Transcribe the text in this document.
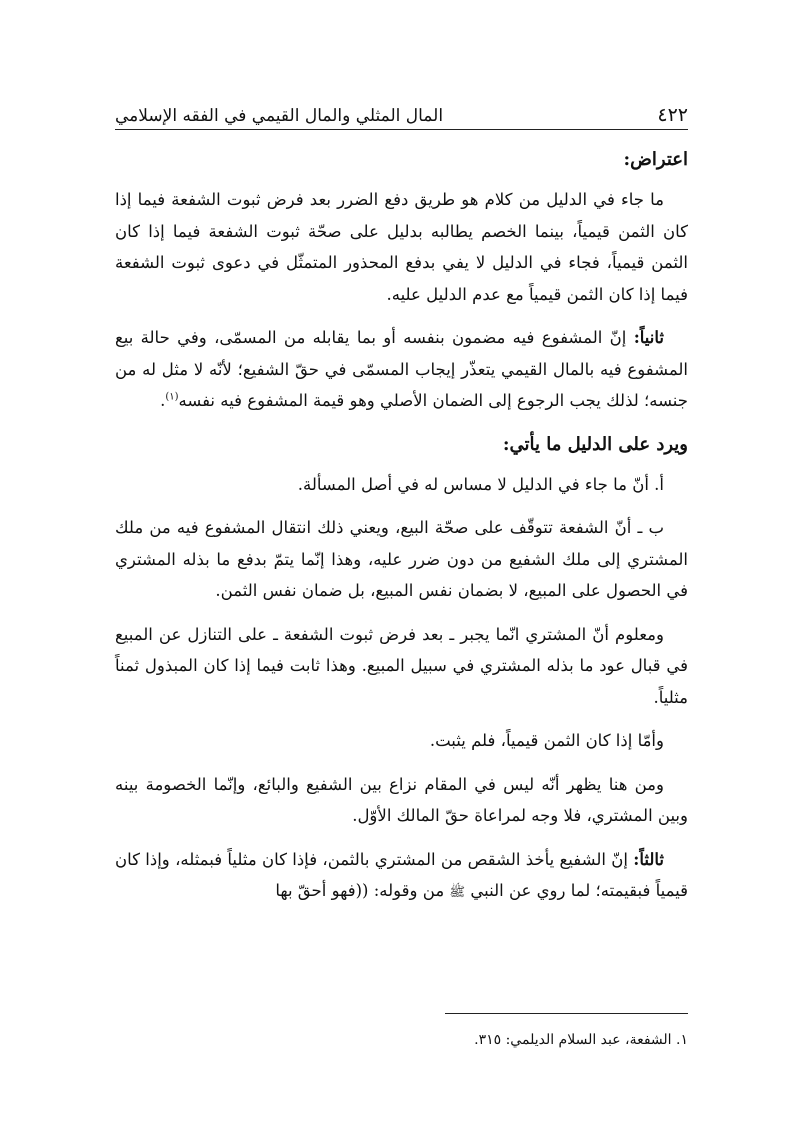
٤٢٢
المال المثلي والمال القيمي في الفقه الإسلامي
اعتراض:

ما جاء في الدليل من كلام هو طريق دفع الضرر بعد فرض ثبوت الشفعة فيما إذا كان الثمن قيمياً، بينما الخصم يطالبه بدليل على صحّة ثبوت الشفعة فيما إذا كان الثمن قيمياً، فجاء في الدليل لا يفي بدفع المحذور المتمثّل في دعوى ثبوت الشفعة فيما إذا كان الثمن قيمياً مع عدم الدليل عليه.

ثانياً: إنّ المشفوع فيه مضمون بنفسه أو بما يقابله من المسمّى، وفي حالة بيع المشفوع فيه بالمال القيمي يتعذّر إيجاب المسمّى في حقّ الشفيع؛ لأنّه لا مثل له من جنسه؛ لذلك يجب الرجوع إلى الضمان الأصلي وهو قيمة المشفوع فيه نفسه$^{(١)}$.

ويرد على الدليل ما يأتي:

أ. أنّ ما جاء في الدليل لا مساس له في أصل المسألة.

ب ـ أنّ الشفعة تتوقّف على صحّة البيع، ويعني ذلك انتقال المشفوع فيه من ملك المشتري إلى ملك الشفيع من دون ضرر عليه، وهذا إنّما يتمّ بدفع ما بذله المشتري في الحصول على المبيع، لا بضمان نفس المبيع، بل ضمان نفس الثمن.

ومعلوم أنّ المشتري انّما يجبر ـ بعد فرض ثبوت الشفعة ـ على التنازل عن المبيع في قبال عود ما بذله المشتري في سبيل المبيع. وهذا ثابت فيما إذا كان المبذول ثمناً مثلياً.

وأمّا إذا كان الثمن قيمياً، فلم يثبت.

ومن هنا يظهر أنّه ليس في المقام نزاع بين الشفيع والبائع، وإنّما الخصومة بينه وبين المشتري، فلا وجه لمراعاة حقّ المالك الأوّل.

ثالثاً: إنّ الشفيع يأخذ الشقص من المشتري بالثمن، فإذا كان مثلياً فبمثله، وإذا كان قيمياً فبقيمته؛ لما روي عن النبي ﷺ من وقوله: ((فهو أحقّ بها

١. الشفعة، عبد السلام الديلمي: ٣١٥.
